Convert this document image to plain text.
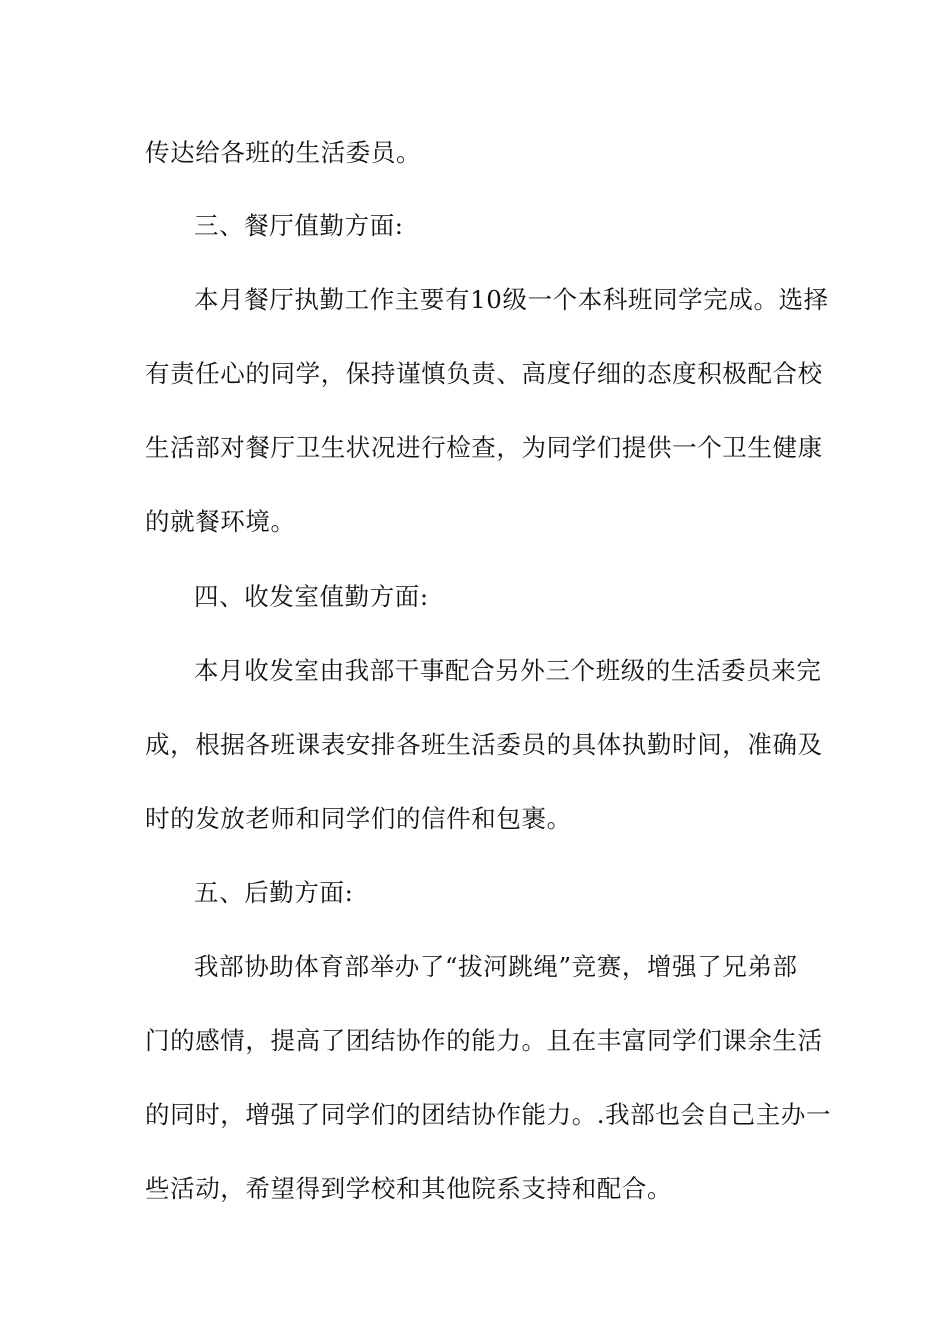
传达给各班的生活委员。
三、餐厅值勤方面:
本月餐厅执勤工作主要有10级一个本科班同学完成。选择
有责任心的同学，保持谨慎负责、高度仔细的态度积极配合校
生活部对餐厅卫生状况进行检查，为同学们提供一个卫生健康
的就餐环境。
四、收发室值勤方面:
本月收发室由我部干事配合另外三个班级的生活委员来完
成，根据各班课表安排各班生活委员的具体执勤时间，准确及
时的发放老师和同学们的信件和包裹。
五、后勤方面:
我部协助体育部举办了“拔河跳绳”竞赛，增强了兄弟部
门的感情，提高了团结协作的能力。且在丰富同学们课余生活
的同时，增强了同学们的团结协作能力。.我部也会自己主办一
些活动，希望得到学校和其他院系支持和配合。
